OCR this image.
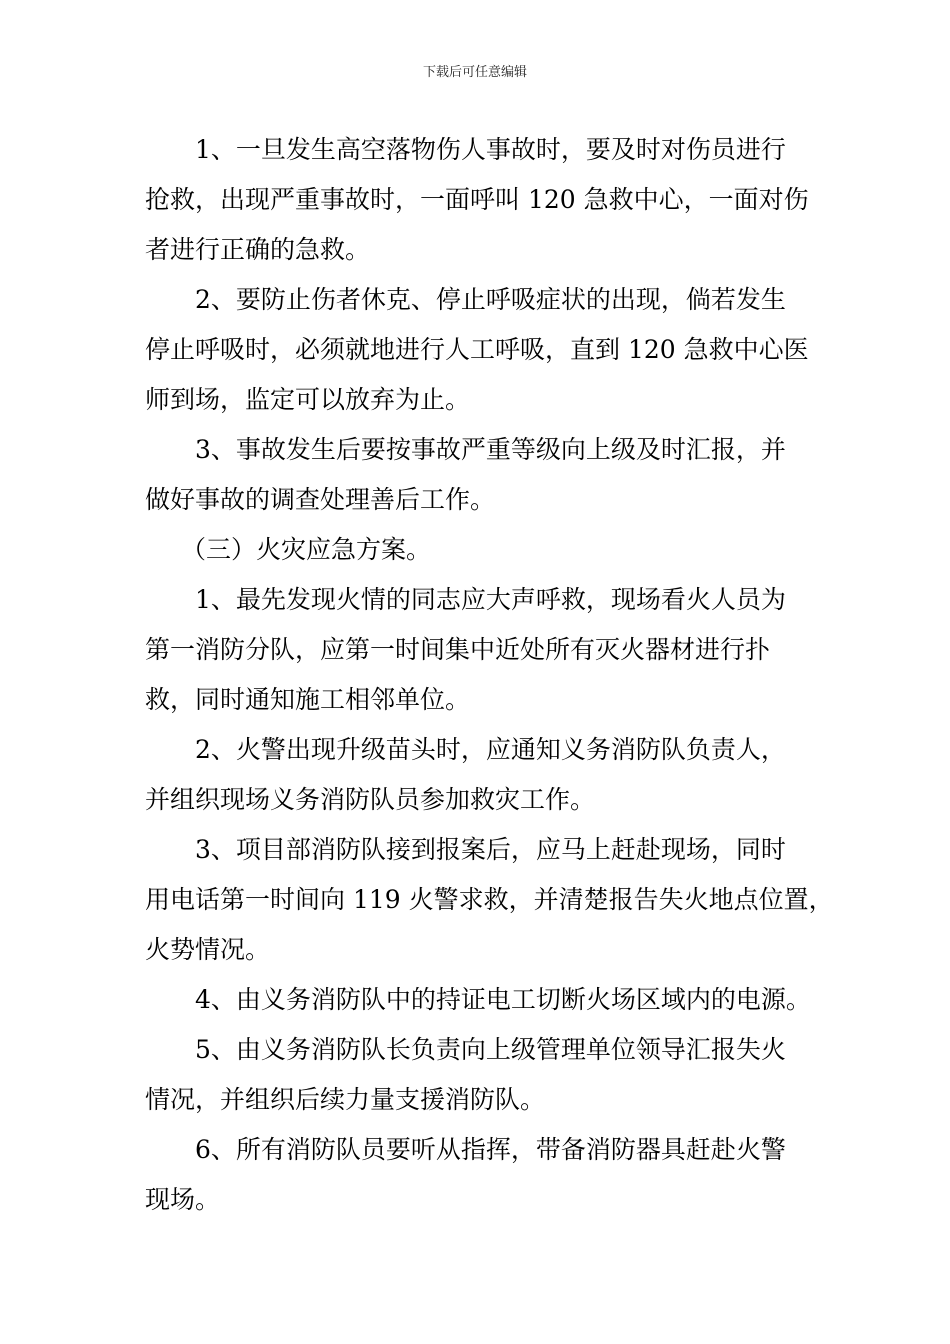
下载后可任意编辑

1、一旦发生高空落物伤人事故时，要及时对伤员进行
抢救，出现严重事故时，一面呼叫 120 急救中心，一面对伤
者进行正确的急救。

2、要防止伤者休克、停止呼吸症状的出现，倘若发生
停止呼吸时，必须就地进行人工呼吸，直到 120 急救中心医
师到场，监定可以放弃为止。

3、事故发生后要按事故严重等级向上级及时汇报，并
做好事故的调查处理善后工作。

（三）火灾应急方案。

1、最先发现火情的同志应大声呼救，现场看火人员为
第一消防分队，应第一时间集中近处所有灭火器材进行扑
救，同时通知施工相邻单位。

2、火警出现升级苗头时，应通知义务消防队负责人，
并组织现场义务消防队员参加救灾工作。

3、项目部消防队接到报案后，应马上赶赴现场，同时
用电话第一时间向 119 火警求救，并清楚报告失火地点位置，
火势情况。

4、由义务消防队中的持证电工切断火场区域内的电源。

5、由义务消防队长负责向上级管理单位领导汇报失火
情况，并组织后续力量支援消防队。

6、所有消防队员要听从指挥，带备消防器具赶赴火警
现场。
